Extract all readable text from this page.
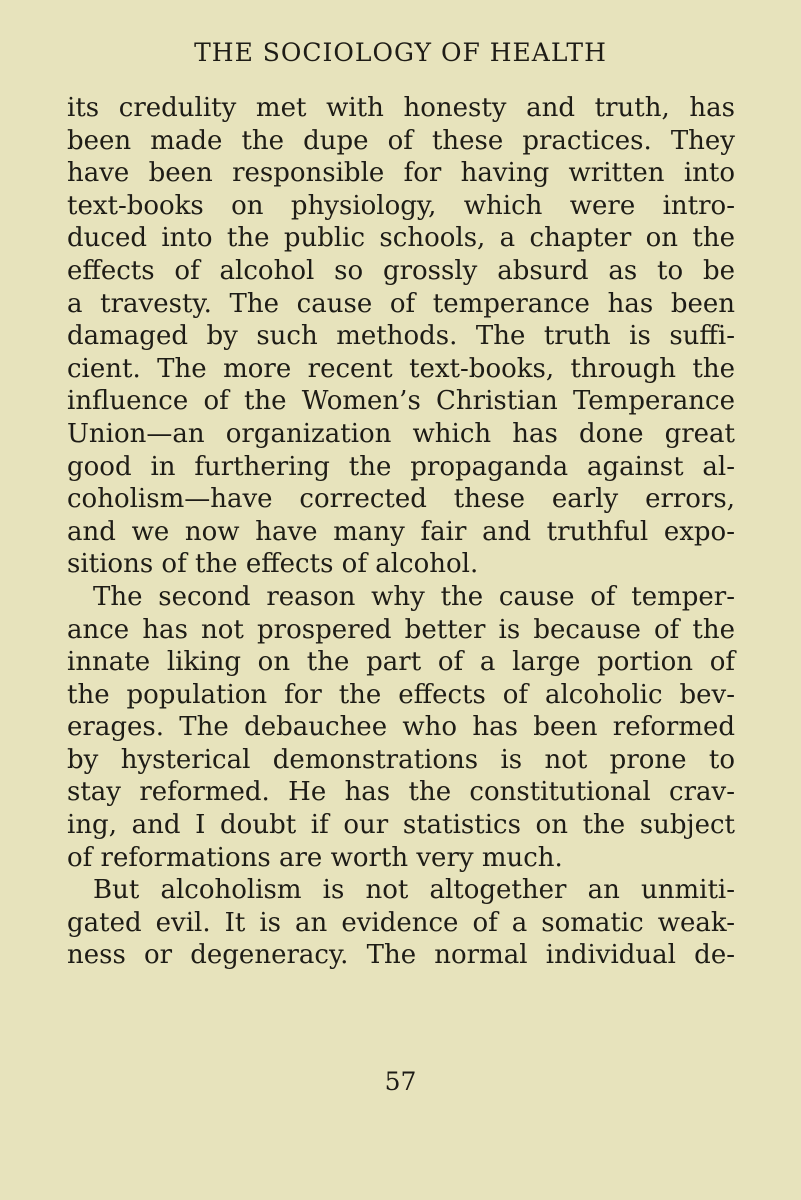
THE SOCIOLOGY OF HEALTH
its credulity met with honesty and truth, has
been made the dupe of these practices. They
have been responsible for having written into
text-books on physiology, which were intro-
duced into the public schools, a chapter on the
effects of alcohol so grossly absurd as to be
a travesty. The cause of temperance has been
damaged by such methods. The truth is suffi-
cient. The more recent text-books, through the
influence of the Women’s Christian Temperance
Union—an organization which has done great
good in furthering the propaganda against al-
coholism—have corrected these early errors,
and we now have many fair and truthful expo-
sitions of the effects of alcohol.
The second reason why the cause of temper-
ance has not prospered better is because of the
innate liking on the part of a large portion of
the population for the effects of alcoholic bev-
erages. The debauchee who has been reformed
by hysterical demonstrations is not prone to
stay reformed. He has the constitutional crav-
ing, and I doubt if our statistics on the subject
of reformations are worth very much.
But alcoholism is not altogether an unmiti-
gated evil. It is an evidence of a somatic weak-
ness or degeneracy. The normal individual de-
57
